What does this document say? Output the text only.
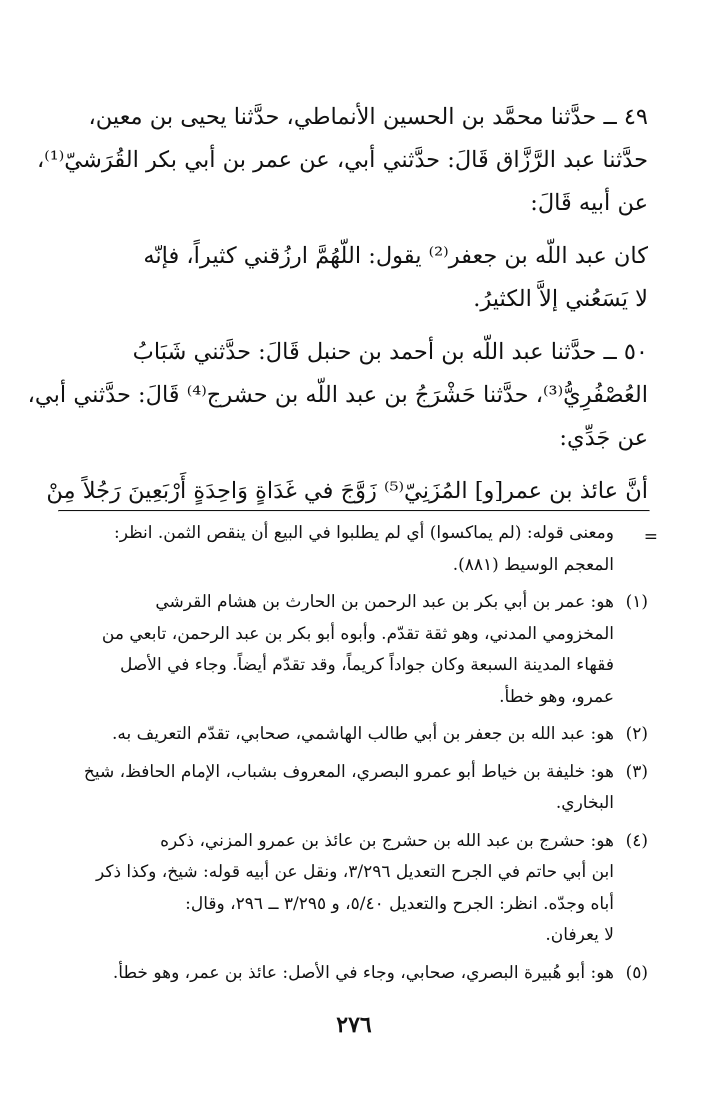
٤٩ ــ حدَّثنا محمَّد بن الحسين الأنماطي، حدَّثنا يحيى بن معين،
حدَّثنا عبد الرَّزَّاق قَالَ: حدَّثني أبي، عن عمر بن أبي بكر القُرَشيّ⁽¹⁾،
عن أبيه قَالَ:

كان عبد اللّه بن جعفر⁽²⁾ يقول: اللّهُمَّ ارزُقني كثيراً، فإنّه
لا يَسَعُني إلاَّ الكثيرُ.

٥٠ ــ حدَّثنا عبد اللّه بن أحمد بن حنبل قَالَ: حدَّثني شَبَابُ
العُصْفُرِيُّ⁽³⁾، حدَّثنا حَشْرَجُ بن عبد اللّه بن حشرج⁽⁴⁾ قَالَ: حدَّثني أبي،
عن جَدِّي:

أنَّ عائذ بن عمر[و] المُزَنِيّ⁽⁵⁾ زَوَّجَ في غَدَاةٍ وَاحِدَةٍ أَرْبَعِينَ رَجُلاً مِنْ

=
ومعنى قوله: (لم يماكسوا) أي لم يطلبوا في البيع أن ينقص الثمن. انظر:
المعجم الوسيط (٨٨١).
(١)
هو: عمر بن أبي بكر بن عبد الرحمن بن الحارث بن هشام القرشي
المخزومي المدني، وهو ثقة تقدّم. وأبوه أبو بكر بن عبد الرحمن، تابعي من
فقهاء المدينة السبعة وكان جواداً كريماً، وقد تقدّم أيضاً. وجاء في الأصل
عمرو، وهو خطأ.
(٢)
هو: عبد الله بن جعفر بن أبي طالب الهاشمي، صحابي، تقدّم التعريف به.
(٣)
هو: خليفة بن خياط أبو عمرو البصري، المعروف بشباب، الإمام الحافظ، شيخ
البخاري.
(٤)
هو: حشرج بن عبد الله بن حشرج بن عائذ بن عمرو المزني، ذكره
ابن أبي حاتم في الجرح التعديل ٣/٢٩٦، ونقل عن أبيه قوله: شيخ، وكذا ذكر
أباه وجدّه. انظر: الجرح والتعديل ٥/٤٠، و ٣/٢٩٥ ــ ٢٩٦، وقال:
لا يعرفان.
(٥)
هو: أبو هُبيرة البصري، صحابي، وجاء في الأصل: عائذ بن عمر، وهو خطأ.
٢٧٦
